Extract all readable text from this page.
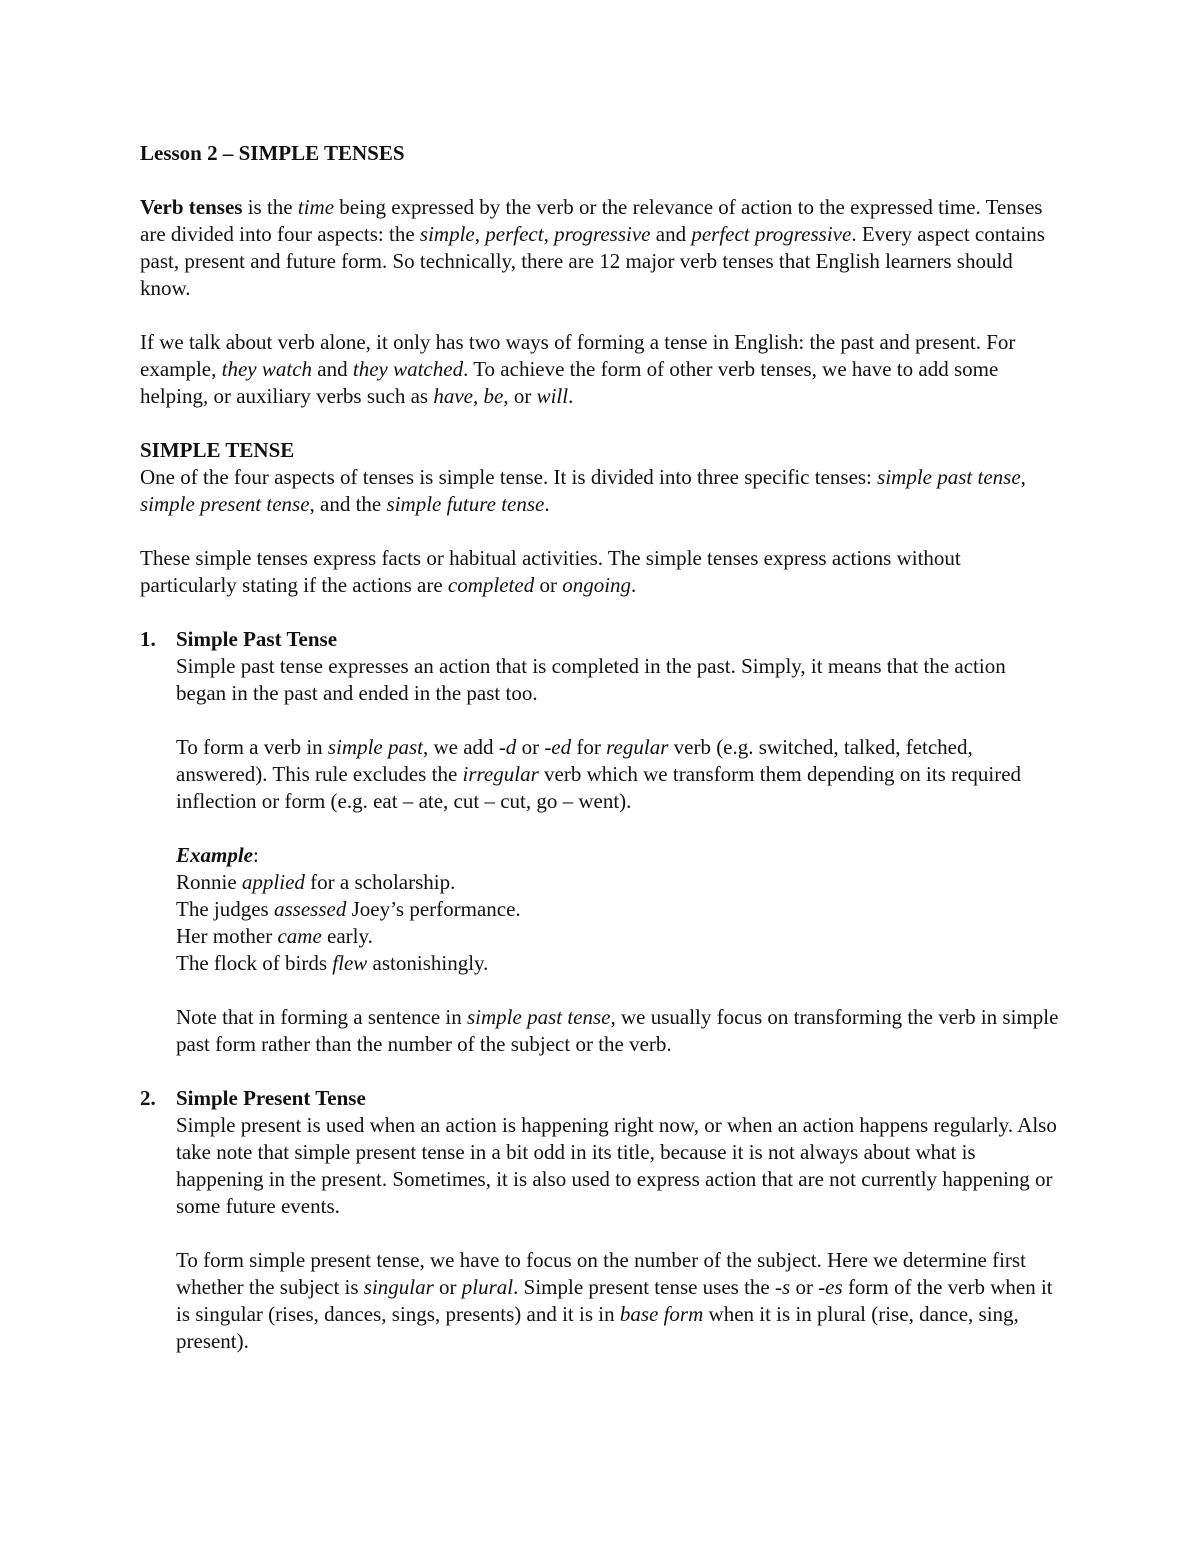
Lesson 2 – SIMPLE TENSES

Verb tenses is the time being expressed by the verb or the relevance of action to the expressed time. Tenses are divided into four aspects: the simple, perfect, progressive and perfect progressive. Every aspect contains past, present and future form. So technically, there are 12 major verb tenses that English learners should know.

If we talk about verb alone, it only has two ways of forming a tense in English: the past and present. For example, they watch and they watched. To achieve the form of other verb tenses, we have to add some helping, or auxiliary verbs such as have, be, or will.

SIMPLE TENSE

One of the four aspects of tenses is simple tense. It is divided into three specific tenses: simple past tense, simple present tense, and the simple future tense.

These simple tenses express facts or habitual activities. The simple tenses express actions without particularly stating if the actions are completed or ongoing.

1. Simple Past Tense

Simple past tense expresses an action that is completed in the past. Simply, it means that the action began in the past and ended in the past too.

To form a verb in simple past, we add -d or -ed for regular verb (e.g. switched, talked, fetched, answered). This rule excludes the irregular verb which we transform them depending on its required inflection or form (e.g. eat – ate, cut – cut, go – went).

Example:

Ronnie applied for a scholarship.

The judges assessed Joey’s performance.

Her mother came early.

The flock of birds flew astonishingly.

Note that in forming a sentence in simple past tense, we usually focus on transforming the verb in simple past form rather than the number of the subject or the verb.

2. Simple Present Tense

Simple present is used when an action is happening right now, or when an action happens regularly. Also take note that simple present tense in a bit odd in its title, because it is not always about what is happening in the present. Sometimes, it is also used to express action that are not currently happening or some future events.

To form simple present tense, we have to focus on the number of the subject. Here we determine first whether the subject is singular or plural. Simple present tense uses the -s or -es form of the verb when it is singular (rises, dances, sings, presents) and it is in base form when it is in plural (rise, dance, sing, present).
